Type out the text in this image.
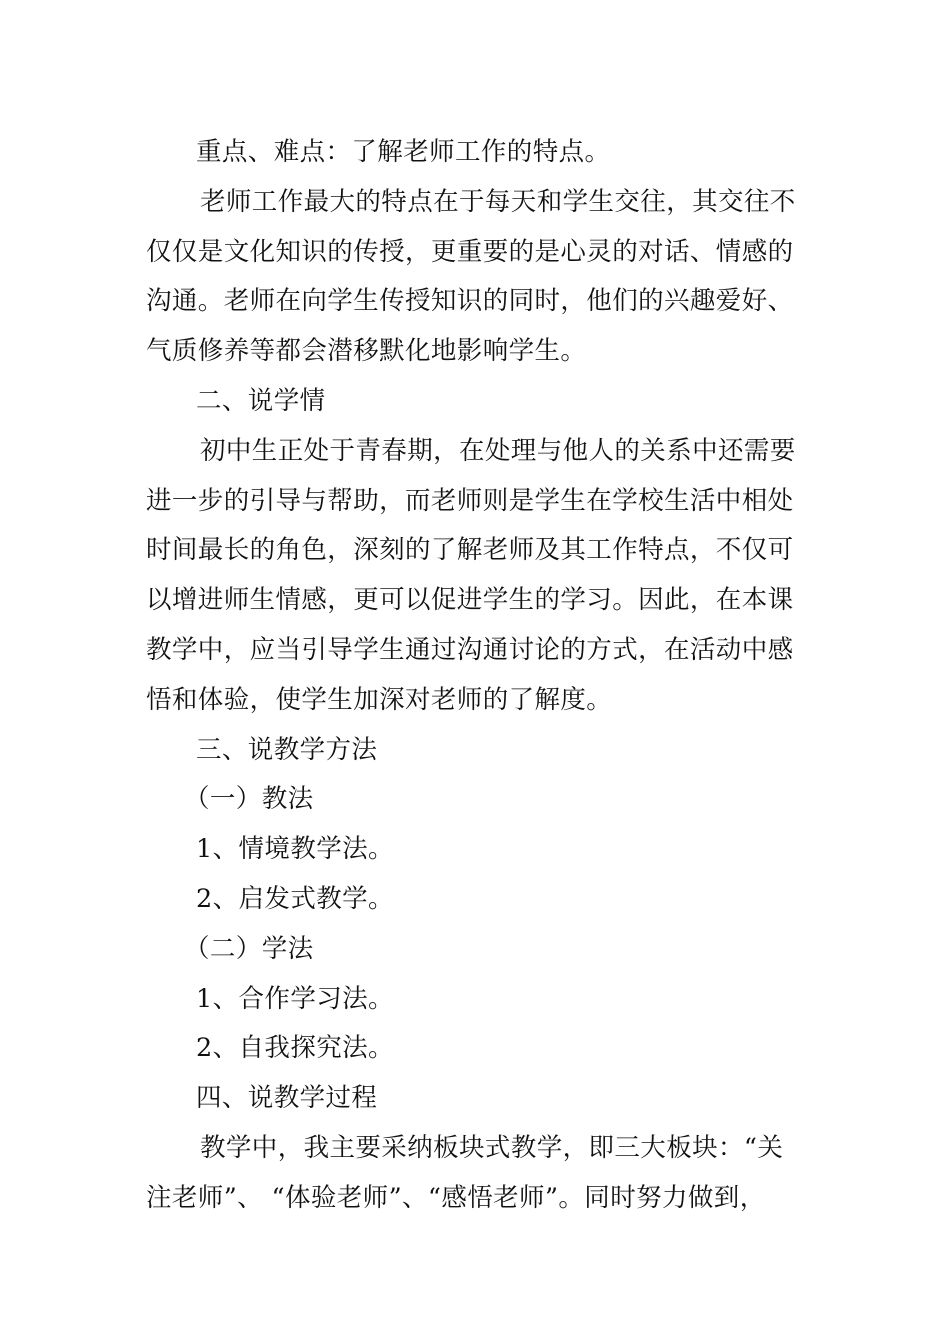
重点、难点：了解老师工作的特点。
老师工作最大的特点在于每天和学生交往，其交往不
仅仅是文化知识的传授，更重要的是心灵的对话、情感的
沟通。老师在向学生传授知识的同时，他们的兴趣爱好、
气质修养等都会潜移默化地影响学生。
二、说学情
初中生正处于青春期，在处理与他人的关系中还需要
进一步的引导与帮助，而老师则是学生在学校生活中相处
时间最长的角色，深刻的了解老师及其工作特点，不仅可
以增进师生情感，更可以促进学生的学习。因此，在本课
教学中，应当引导学生通过沟通讨论的方式，在活动中感
悟和体验，使学生加深对老师的了解度。
三、说教学方法
（一）教法
1、情境教学法。
2、启发式教学。
（二）学法
1、合作学习法。
2、自我探究法。
四、说教学过程
教学中，我主要采纳板块式教学，即三大板块：“关
注老师”、 “体验老师”、“感悟老师”。同时努力做到，
